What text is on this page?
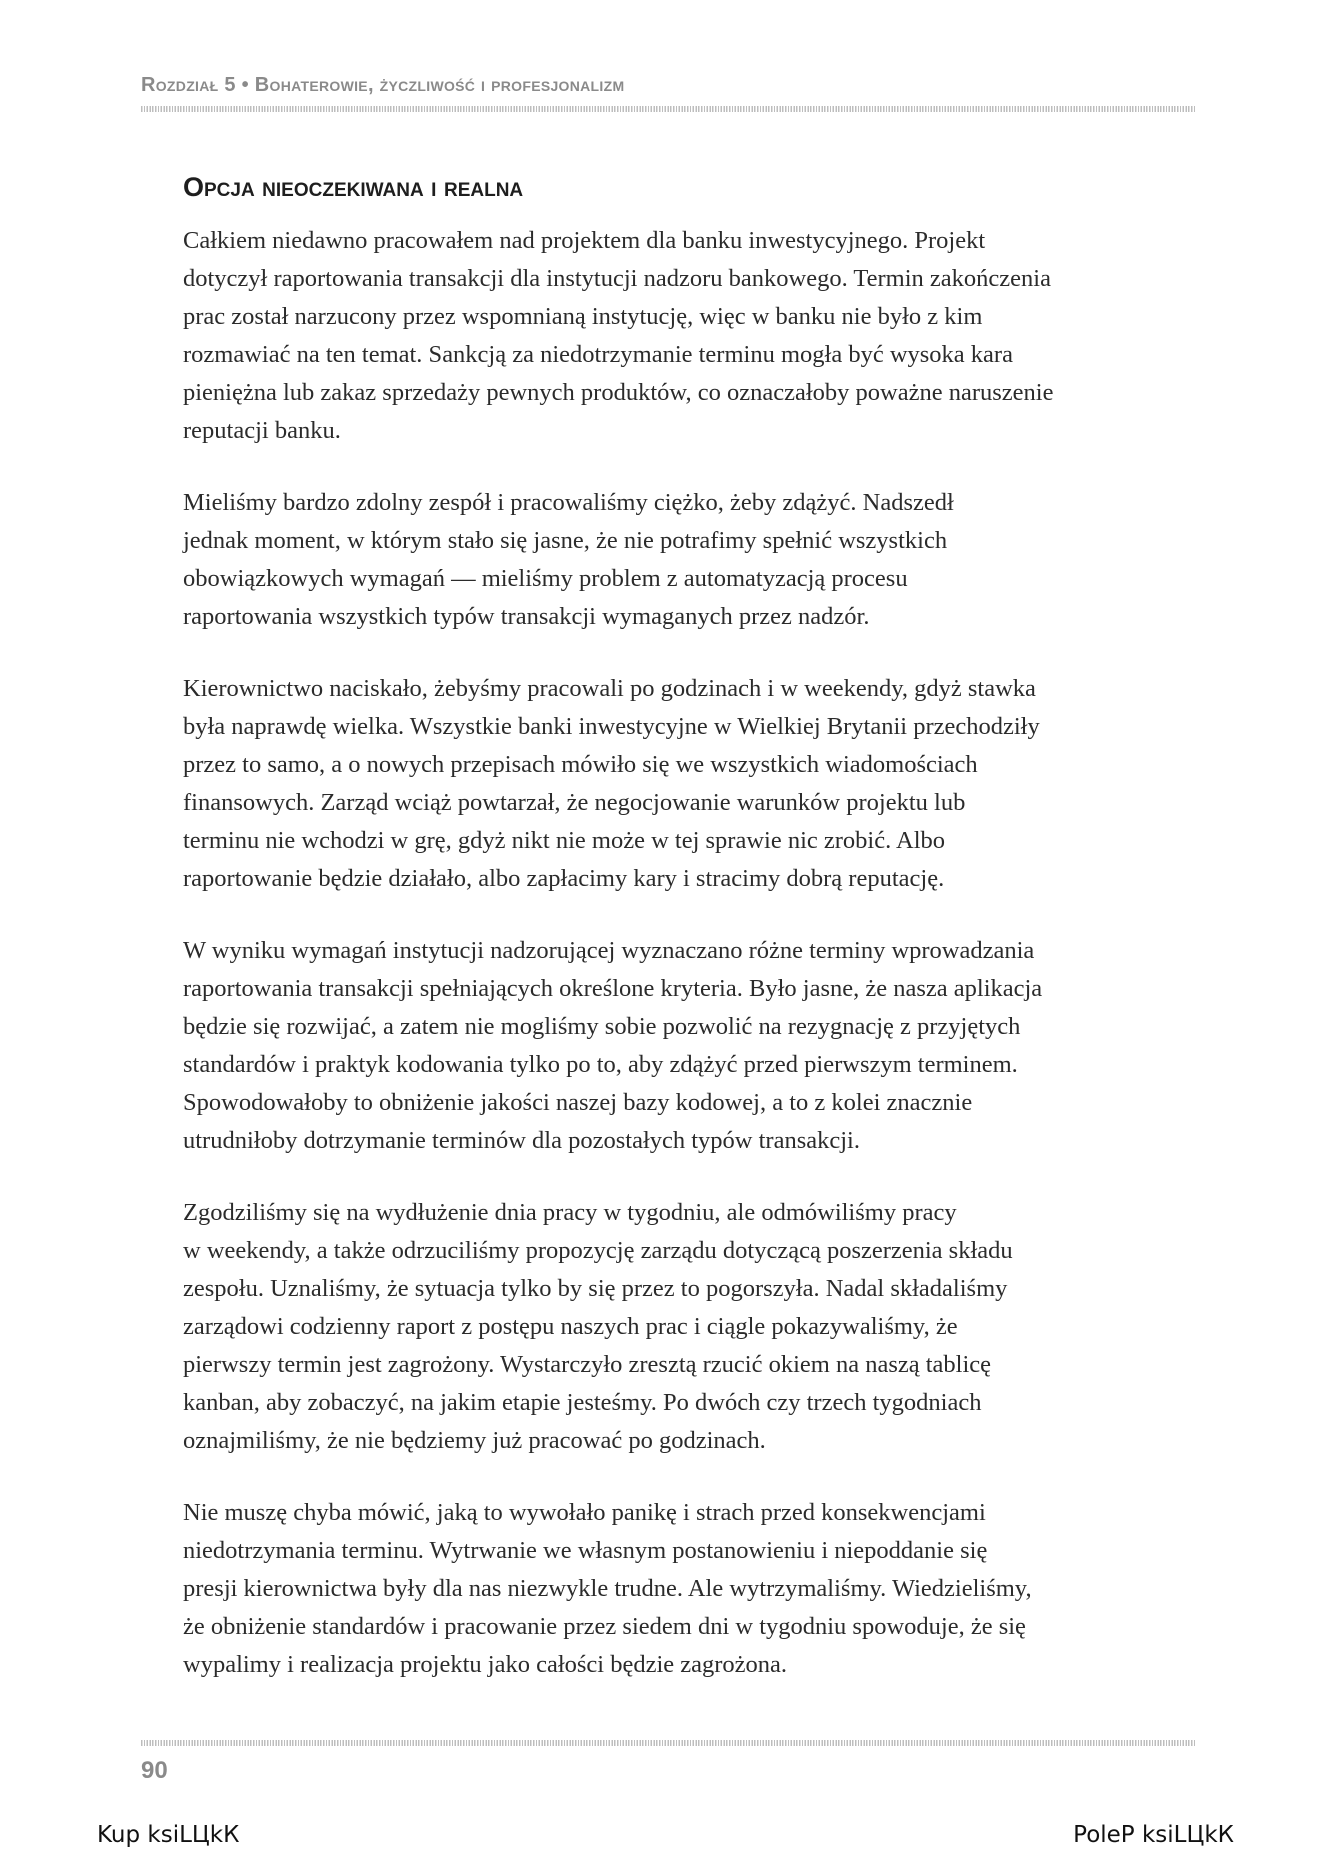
Rozdział 5 • Bohaterowie, życzliwość i profesjonalizm
Opcja nieoczekiwana i realna

Całkiem niedawno pracowałem nad projektem dla banku inwestycyjnego. Projekt
dotyczył raportowania transakcji dla instytucji nadzoru bankowego. Termin zakończenia
prac został narzucony przez wspomnianą instytucję, więc w banku nie było z kim
rozmawiać na ten temat. Sankcją za niedotrzymanie terminu mogła być wysoka kara
pieniężna lub zakaz sprzedaży pewnych produktów, co oznaczałoby poważne naruszenie
reputacji banku.

Mieliśmy bardzo zdolny zespół i pracowaliśmy ciężko, żeby zdążyć. Nadszedł
jednak moment, w którym stało się jasne, że nie potrafimy spełnić wszystkich
obowiązkowych wymagań — mieliśmy problem z automatyzacją procesu
raportowania wszystkich typów transakcji wymaganych przez nadzór.

Kierownictwo naciskało, żebyśmy pracowali po godzinach i w weekendy, gdyż stawka
była naprawdę wielka. Wszystkie banki inwestycyjne w Wielkiej Brytanii przechodziły
przez to samo, a o nowych przepisach mówiło się we wszystkich wiadomościach
finansowych. Zarząd wciąż powtarzał, że negocjowanie warunków projektu lub
terminu nie wchodzi w grę, gdyż nikt nie może w tej sprawie nic zrobić. Albo
raportowanie będzie działało, albo zapłacimy kary i stracimy dobrą reputację.

W wyniku wymagań instytucji nadzorującej wyznaczano różne terminy wprowadzania
raportowania transakcji spełniających określone kryteria. Było jasne, że nasza aplikacja
będzie się rozwijać, a zatem nie mogliśmy sobie pozwolić na rezygnację z przyjętych
standardów i praktyk kodowania tylko po to, aby zdążyć przed pierwszym terminem.
Spowodowałoby to obniżenie jakości naszej bazy kodowej, a to z kolei znacznie
utrudniłoby dotrzymanie terminów dla pozostałych typów transakcji.

Zgodziliśmy się na wydłużenie dnia pracy w tygodniu, ale odmówiliśmy pracy
w weekendy, a także odrzuciliśmy propozycję zarządu dotyczącą poszerzenia składu
zespołu. Uznaliśmy, że sytuacja tylko by się przez to pogorszyła. Nadal składaliśmy
zarządowi codzienny raport z postępu naszych prac i ciągle pokazywaliśmy, że
pierwszy termin jest zagrożony. Wystarczyło zresztą rzucić okiem na naszą tablicę
kanban, aby zobaczyć, na jakim etapie jesteśmy. Po dwóch czy trzech tygodniach
oznajmiliśmy, że nie będziemy już pracować po godzinach.

Nie muszę chyba mówić, jaką to wywołało panikę i strach przed konsekwencjami
niedotrzymania terminu. Wytrwanie we własnym postanowieniu i niepoddanie się
presji kierownictwa były dla nas niezwykle trudne. Ale wytrzymaliśmy. Wiedzieliśmy,
że obniżenie standardów i pracowanie przez siedem dni w tygodniu spowoduje, że się
wypalimy i realizacja projektu jako całości będzie zagrożona.

90
Kup ksiLЦkК	PoleР ksiLЦkК
